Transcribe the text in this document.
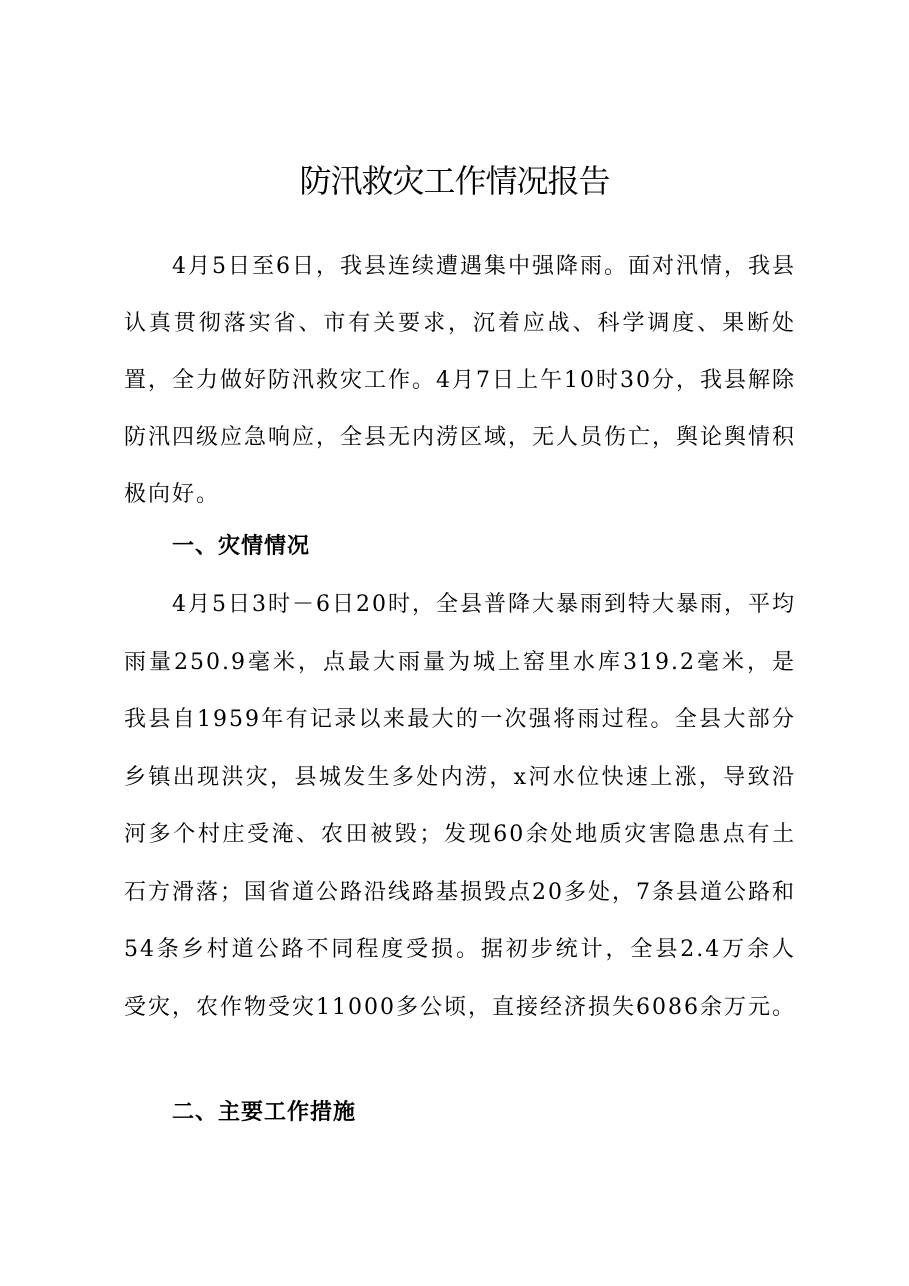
防汛救灾工作情况报告

4月5日至6日，我县连续遭遇集中强降雨。面对汛情，我县认真贯彻落实省、市有关要求，沉着应战、科学调度、果断处置，全力做好防汛救灾工作。4月7日上午10时30分，我县解除防汛四级应急响应，全县无内涝区域，无人员伤亡，舆论舆情积极向好。

一、灾情情况

4月5日3时－6日20时，全县普降大暴雨到特大暴雨，平均雨量250.9毫米，点最大雨量为城上窑里水库319.2毫米，是我县自1959年有记录以来最大的一次强将雨过程。全县大部分乡镇出现洪灾，县城发生多处内涝，x河水位快速上涨，导致沿河多个村庄受淹、农田被毁；发现60余处地质灾害隐患点有土石方滑落；国省道公路沿线路基损毁点20多处，7条县道公路和54条乡村道公路不同程度受损。据初步统计，全县2.4万余人受灾，农作物受灾11000多公顷，直接经济损失6086余万元。

二、主要工作措施
